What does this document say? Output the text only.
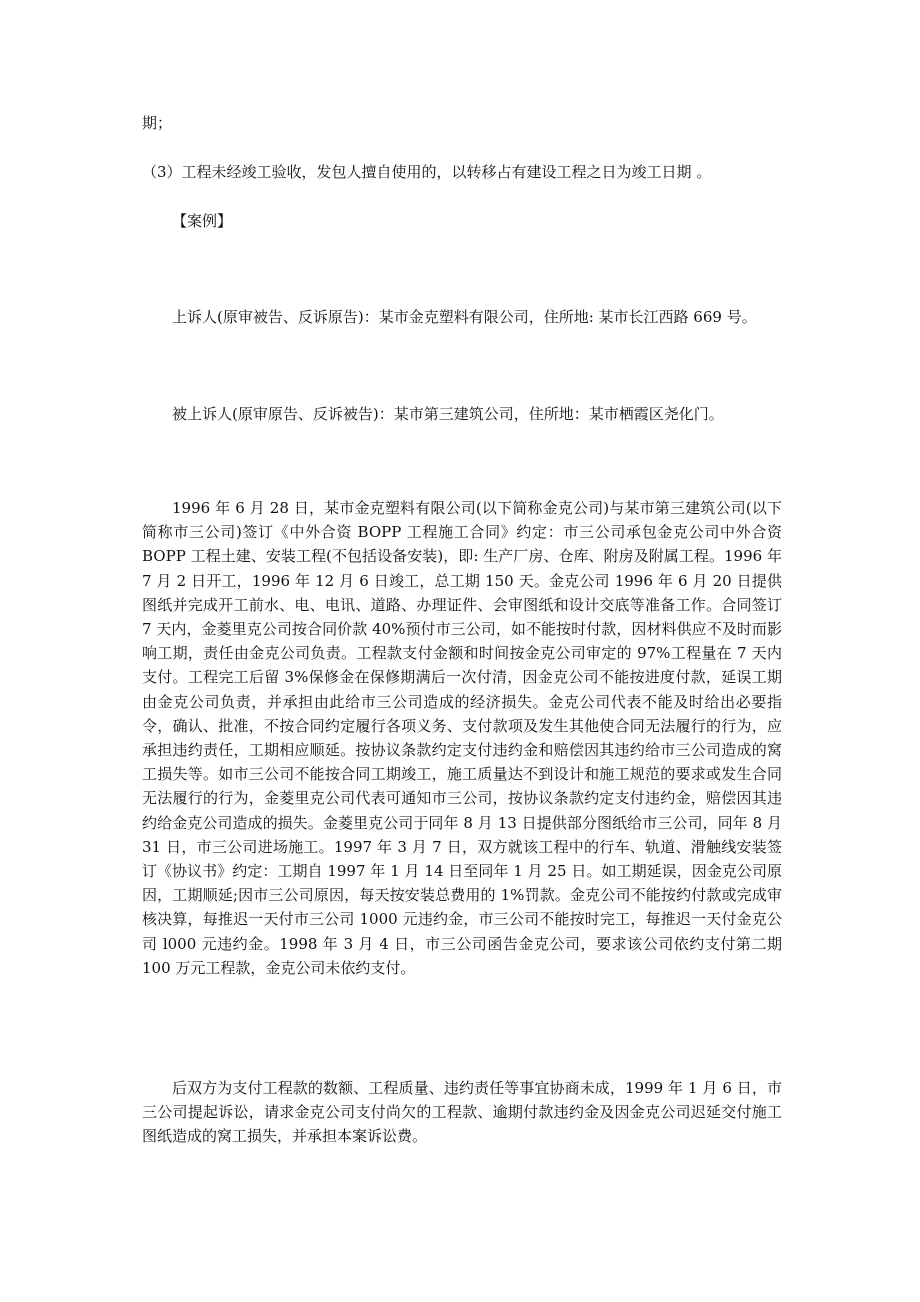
期；
（3）工程未经竣工验收，发包人擅自使用的，以转移占有建设工程之日为竣工日期 。
【案例】
上诉人(原审被告、反诉原告)：某市金克塑料有限公司，住所地: 某市长江西路 669 号。
被上诉人(原审原告、反诉被告)：某市第三建筑公司，住所地：某市栖霞区尧化门。
1996 年 6 月 28 日，某市金克塑料有限公司(以下简称金克公司)与某市第三建筑公司(以下简称市三公司)签订《中外合资 BOPP 工程施工合同》约定：市三公司承包金克公司中外合资 BOPP 工程土建、安装工程(不包括设备安装)，即: 生产厂房、仓库、附房及附属工程。1996 年 7 月 2 日开工，1996 年 12 月 6 日竣工，总工期 150 天。金克公司 1996 年 6 月 20 日提供图纸并完成开工前水、电、电讯、道路、办理证件、会审图纸和设计交底等准备工作。合同签订 7 天内，金菱里克公司按合同价款 40%预付市三公司，如不能按时付款，因材料供应不及时而影响工期，责任由金克公司负责。工程款支付金额和时间按金克公司审定的 97%工程量在 7 天内支付。工程完工后留 3%保修金在保修期满后一次付清，因金克公司不能按进度付款，延误工期由金克公司负责，并承担由此给市三公司造成的经济损失。金克公司代表不能及时给出必要指令，确认、批准，不按合同约定履行各项义务、支付款项及发生其他使合同无法履行的行为，应承担违约责任，工期相应顺延。按协议条款约定支付违约金和赔偿因其违约给市三公司造成的窝工损失等。如市三公司不能按合同工期竣工，施工质量达不到设计和施工规范的要求或发生合同无法履行的行为，金菱里克公司代表可通知市三公司，按协议条款约定支付违约金，赔偿因其违约给金克公司造成的损失。金菱里克公司于同年 8 月 13 日提供部分图纸给市三公司，同年 8 月 31 日，市三公司进场施工。1997 年 3 月 7 日，双方就该工程中的行车、轨道、滑触线安装签订《协议书》约定：工期自 1997 年 1 月 14 日至同年 1 月 25 日。如工期延误，因金克公司原因，工期顺延;因市三公司原因，每天按安装总费用的 1%罚款。金克公司不能按约付款或完成审核决算，每推迟一天付市三公司 1000 元违约金，市三公司不能按时完工，每推迟一天付金克公司 l000 元违约金。1998 年 3 月 4 日，市三公司函告金克公司，要求该公司依约支付第二期 100 万元工程款，金克公司未依约支付。
后双方为支付工程款的数额、工程质量、违约责任等事宜协商未成，1999 年 1 月 6 日，市三公司提起诉讼，请求金克公司支付尚欠的工程款、逾期付款违约金及因金克公司迟延交付施工图纸造成的窝工损失，并承担本案诉讼费。
